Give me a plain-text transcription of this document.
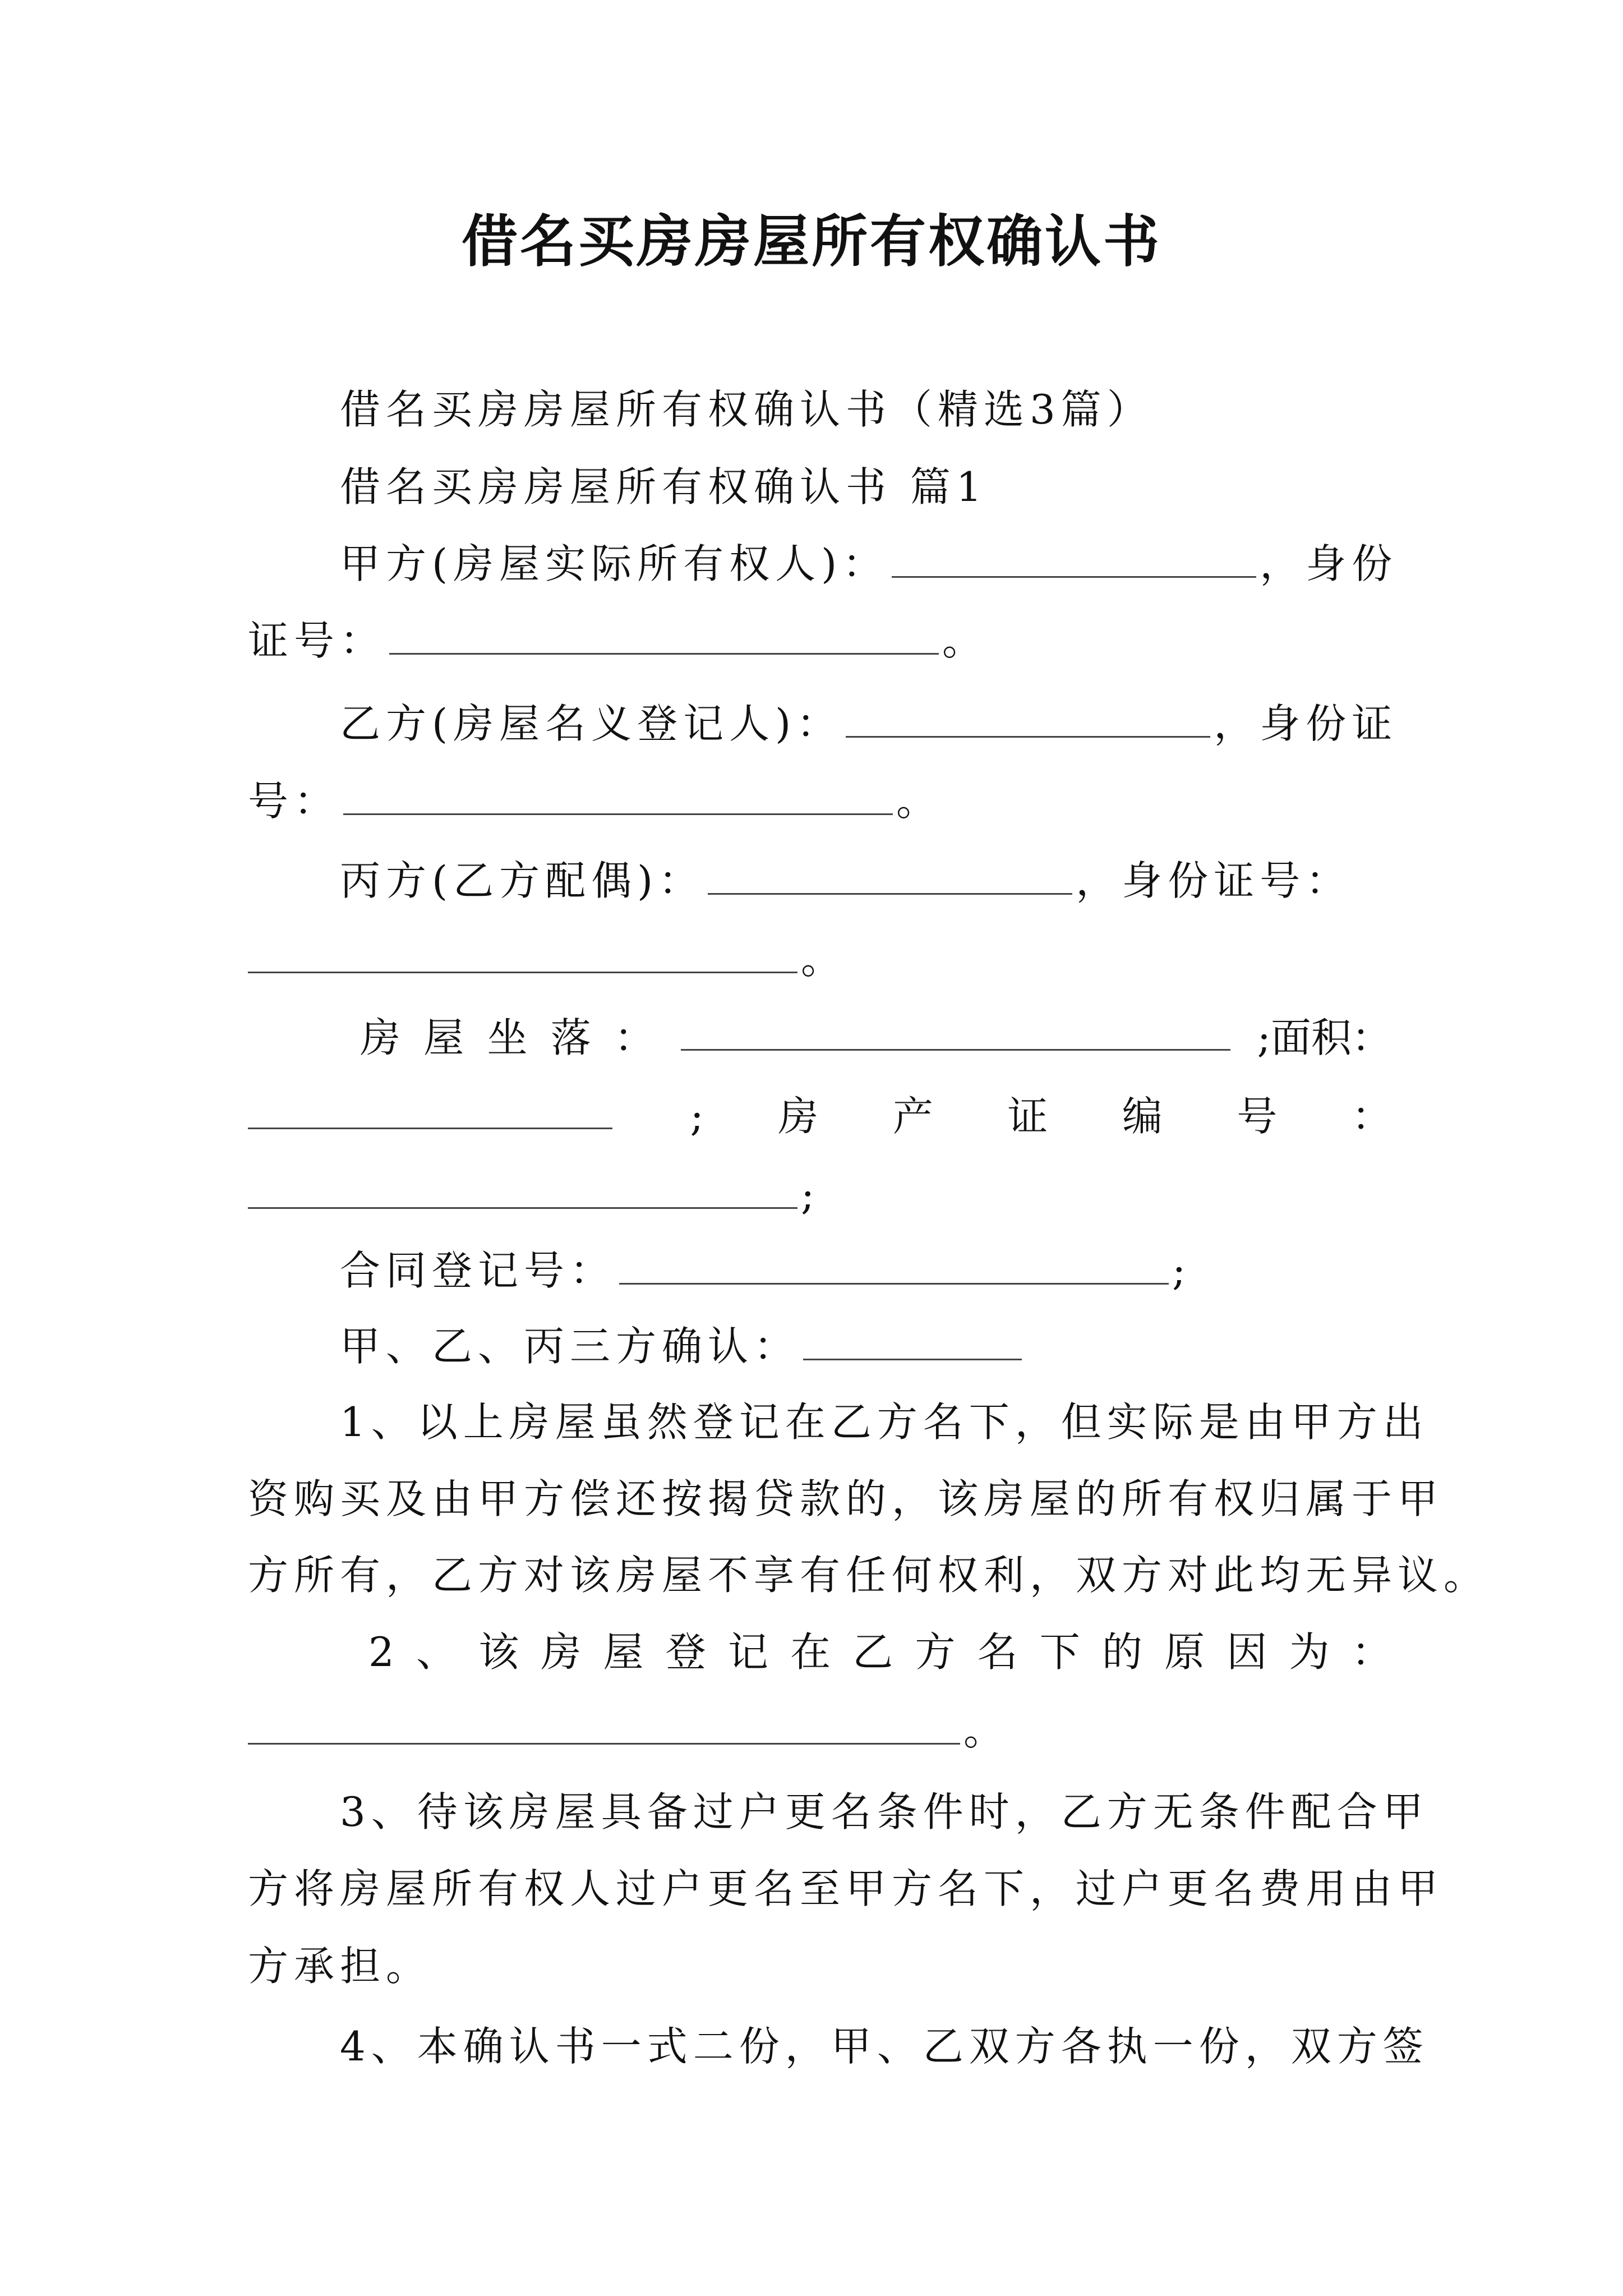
借名买房房屋所有权确认书
借名买房房屋所有权确认书（精选3篇）
借名买房房屋所有权确认书 篇1
甲方(房屋实际所有权人)：	，身份
证号：	。
乙方(房屋名义登记人)：	，身份证
号：	。
丙方(乙方配偶)：	，身份证号：
。
房 屋 坐 落 ：	;面积：
; 房 产 证 编 号 ：
;
合同登记号：	;
甲、乙、丙三方确认：
1、以上房屋虽然登记在乙方名下，但实际是由甲方出
资购买及由甲方偿还按揭贷款的，该房屋的所有权归属于甲
方所有，乙方对该房屋不享有任何权利，双方对此均无异议。
2 、 该 房 屋 登 记 在 乙 方 名 下 的 原 因 为 ：
。
3、待该房屋具备过户更名条件时，乙方无条件配合甲
方将房屋所有权人过户更名至甲方名下，过户更名费用由甲
方承担。
4、本确认书一式二份，甲、乙双方各执一份，双方签
